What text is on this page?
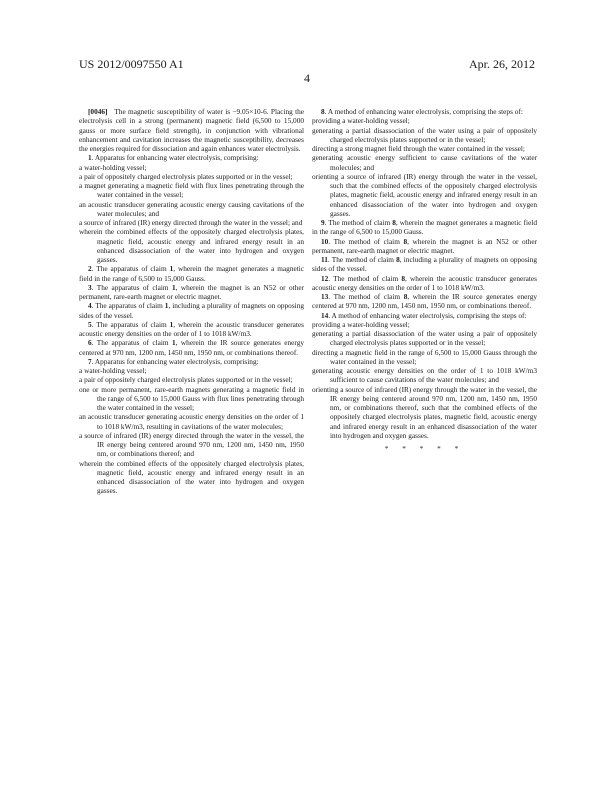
US 2012/0097550 A1	Apr. 26, 2012
4

[0046] The magnetic susceptibility of water is −9.05×10-6. Placing the electrolysis cell in a strong (permanent) magnetic field (6,500 to 15,000 gauss or more surface field strength), in conjunction with vibrational enhancement and cavitation increases the magnetic susceptibility, decreases the energies required for dissociation and again enhances water electrolysis.

1. Apparatus for enhancing water electrolysis, comprising:

a water-holding vessel;

a pair of oppositely charged electrolysis plates supported or in the vessel;

a magnet generating a magnetic field with flux lines penetrating through the water contained in the vessel;

an acoustic transducer generating acoustic energy causing cavitations of the water molecules; and

a source of infrared (IR) energy directed through the water in the vessel; and

wherein the combined effects of the oppositely charged electrolysis plates, magnetic field, acoustic energy and infrared energy result in an enhanced disassociation of the water into hydrogen and oxygen gasses.

2. The apparatus of claim 1, wherein the magnet generates a magnetic field in the range of 6,500 to 15,000 Gauss.

3. The apparatus of claim 1, wherein the magnet is an N52 or other permanent, rare-earth magnet or electric magnet.

4. The apparatus of claim 1, including a plurality of magnets on opposing sides of the vessel.

5. The apparatus of claim 1, wherein the acoustic transducer generates acoustic energy densities on the order of 1 to 1018 kW/m3.

6. The apparatus of claim 1, wherein the IR source generates energy centered at 970 nm, 1200 nm, 1450 nm, 1950 nm, or combinations thereof.

7. Apparatus for enhancing water electrolysis, comprising:

a water-holding vessel;

a pair of oppositely charged electrolysis plates supported or in the vessel;

one or more permanent, rare-earth magnets generating a magnetic field in the range of 6,500 to 15,000 Gauss with flux lines penetrating through the water contained in the vessel;

an acoustic transducer generating acoustic energy densities on the order of 1 to 1018 kW/m3, resulting in cavitations of the water molecules;

a source of infrared (IR) energy directed through the water in the vessel, the IR energy being centered around 970 nm, 1200 nm, 1450 nm, 1950 nm, or combinations thereof; and

wherein the combined effects of the oppositely charged electrolysis plates, magnetic field, acoustic energy and infrared energy result in an enhanced disassociation of the water into hydrogen and oxygen gasses.

8. A method of enhancing water electrolysis, comprising the steps of:

providing a water-holding vessel;

generating a partial disassociation of the water using a pair of oppositely charged electrolysis plates supported or in the vessel;

directing a strong magnet field through the water contained in the vessel;

generating acoustic energy sufficient to cause cavitations of the water molecules; and

orienting a source of infrared (IR) energy through the water in the vessel, such that the combined effects of the oppositely charged electrolysis plates, magnetic field, acoustic energy and infrared energy result in an enhanced disassociation of the water into hydrogen and oxygen gasses.

9. The method of claim 8, wherein the magnet generates a magnetic field in the range of 6,500 to 15,000 Gauss.

10. The method of claim 8, wherein the magnet is an N52 or other permanent, rare-earth magnet or electric magnet.

11. The method of claim 8, including a plurality of magnets on opposing sides of the vessel.

12. The method of claim 8, wherein the acoustic transducer generates acoustic energy densities on the order of 1 to 1018 kW/m3.

13. The method of claim 8, wherein the IR source generates energy centered at 970 nm, 1200 nm, 1450 nm, 1950 nm, or combinations thereof.

14. A method of enhancing water electrolysis, comprising the steps of:

providing a water-holding vessel;

generating a partial disassociation of the water using a pair of oppositely charged electrolysis plates supported or in the vessel;

directing a magnetic field in the range of 6,500 to 15,000 Gauss through the water contained in the vessel;

generating acoustic energy densities on the order of 1 to 1018 kW/m3 sufficient to cause cavitations of the water molecules; and

orienting a source of infrared (IR) energy through the water in the vessel, the IR energy being centered around 970 nm, 1200 nm, 1450 nm, 1950 nm, or combinations thereof, such that the combined effects of the oppositely charged electrolysis plates, magnetic field, acoustic energy and infrared energy result in an enhanced disassociation of the water into hydrogen and oxygen gasses.

* * * * *
